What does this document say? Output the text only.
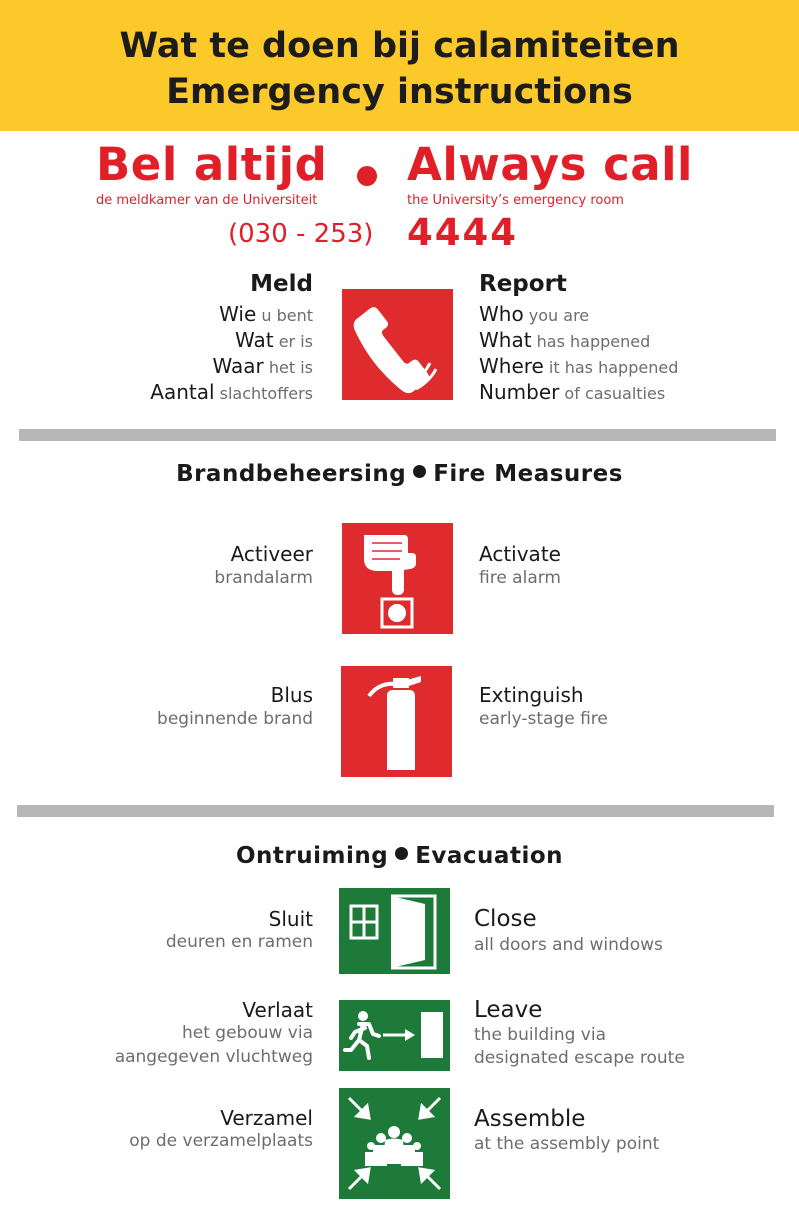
Wat te doen bij calamiteiten
Emergency instructions
Bel altijd Always call
de meldkamer van de Universiteit	the University’s emergency room
(030 - 253) 4444
Meld	Report
Wie u bent
Wat er is
Waar het is
Aantal slachtoffers
Who you are
What has happened
Where it has happened
Number of casualties
Brandbeheersing Fire Measures
Activeer
brandalarm
Activate
fire alarm
Blus
beginnende brand
Extinguish
early-stage fire
Ontruiming Evacuation
Sluit
deuren en ramen
Close
all doors and windows
Verlaat
het gebouw via
aangegeven vluchtweg
Leave
the building via
designated escape route
Verzamel
op de verzamelplaats
Assemble
at the assembly point
